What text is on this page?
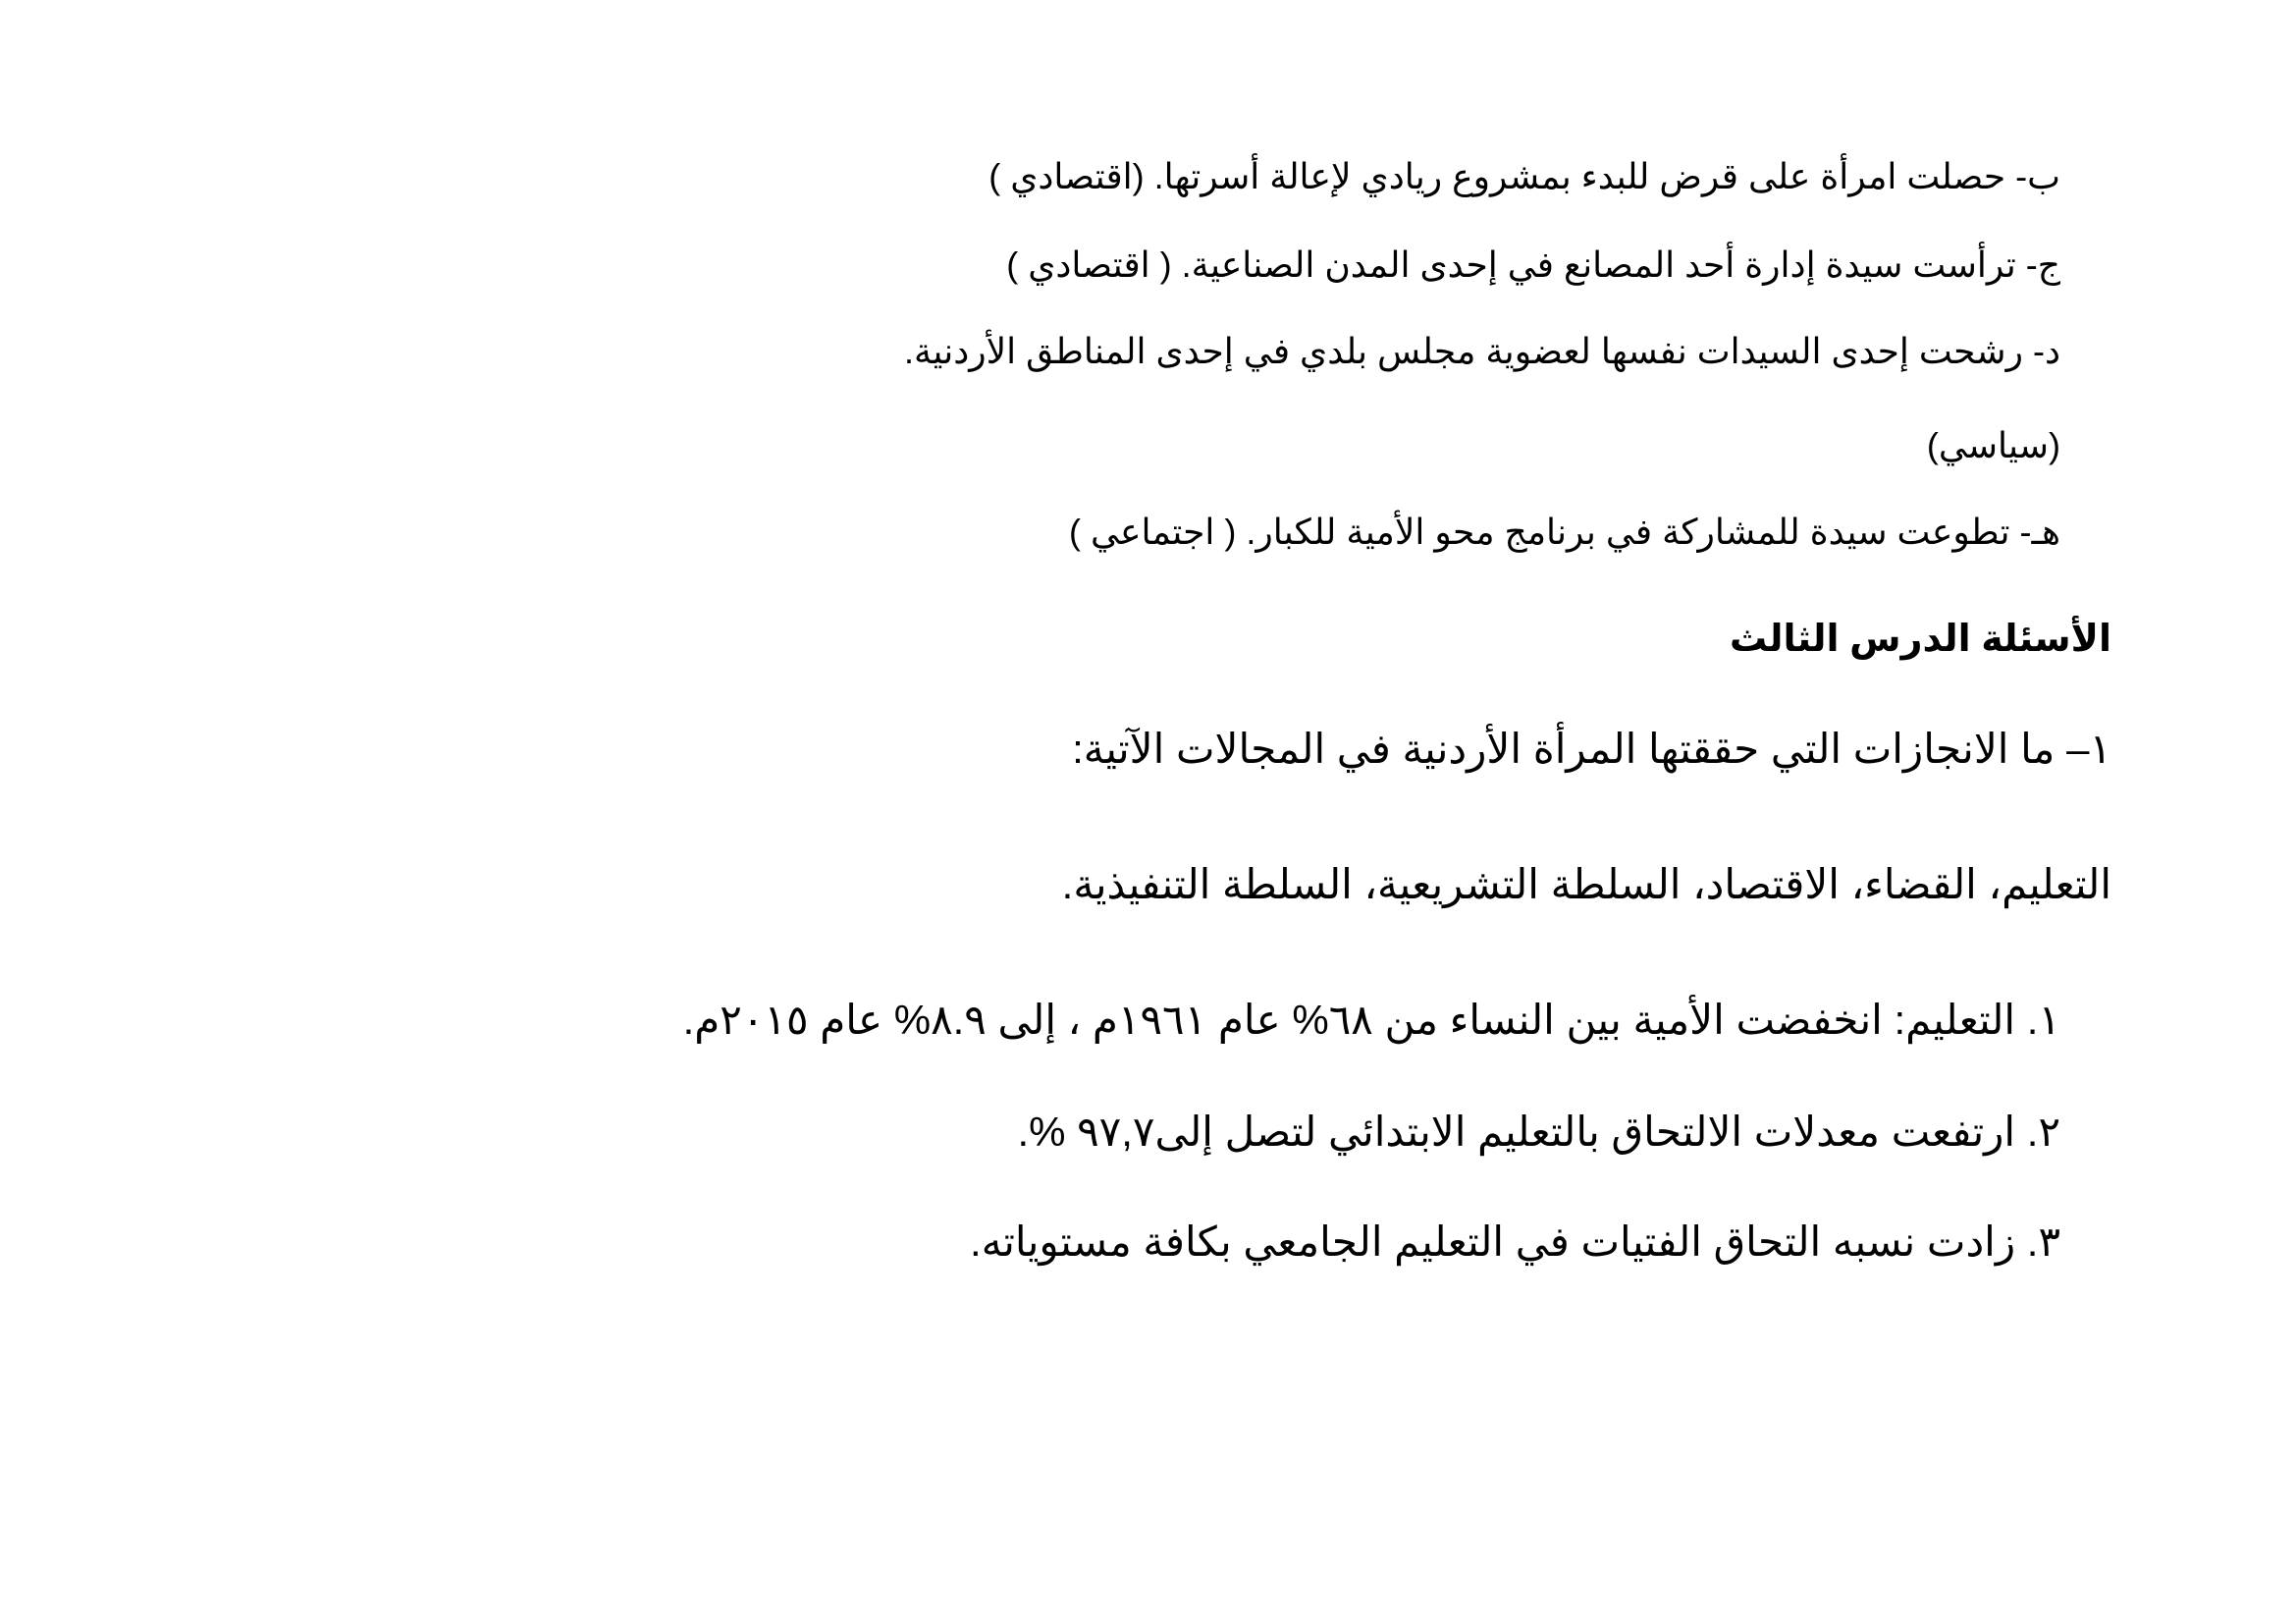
ب- حصلت امرأة على قرض للبدء بمشروع ريادي لإعالة أسرتها. (اقتصادي )
ج- ترأست سيدة إدارة أحد المصانع في إحدى المدن الصناعية. ( اقتصادي )
د- رشحت إحدى السيدات نفسها لعضوية مجلس بلدي في إحدى المناطق الأردنية.
(سياسي)
هـ- تطوعت سيدة للمشاركة في برنامج محو الأمية للكبار. ( اجتماعي )
الأسئلة الدرس الثالث
١– ما الانجازات التي حققتها المرأة الأردنية في المجالات الآتية:
التعليم، القضاء، الاقتصاد، السلطة التشريعية، السلطة التنفيذية.
١. التعليم: انخفضت الأمية بين النساء من ٦٨% عام ١٩٦١م ، إلى ٨.٩% عام ٢٠١٥م.
٢. ارتفعت معدلات الالتحاق بالتعليم الابتدائي لتصل إلى٩٧,٧ %.
٣. زادت نسبه التحاق الفتيات في التعليم الجامعي بكافة مستوياته.
